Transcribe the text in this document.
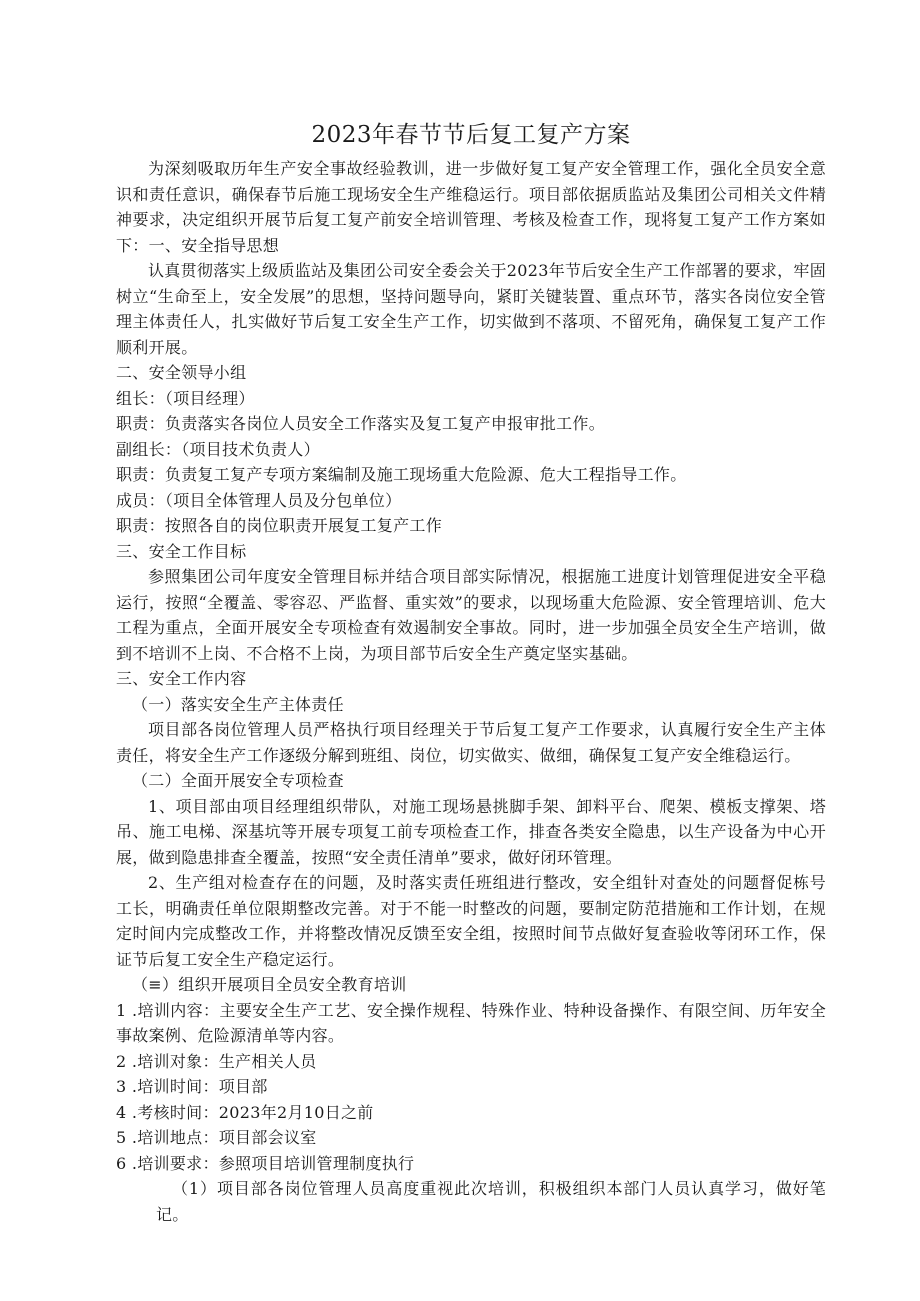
2023年春节节后复工复产方案

为深刻吸取历年生产安全事故经验教训，进一步做好复工复产安全管理工作，强化全员安全意识和责任意识，确保春节后施工现场安全生产维稳运行。项目部依据质监站及集团公司相关文件精神要求，决定组织开展节后复工复产前安全培训管理、考核及检查工作，现将复工复产工作方案如下：一、安全指导思想

认真贯彻落实上级质监站及集团公司安全委会关于2023年节后安全生产工作部署的要求，牢固树立“生命至上，安全发展”的思想，坚持问题导向，紧盯关键装置、重点环节，落实各岗位安全管理主体责任人，扎实做好节后复工安全生产工作，切实做到不落项、不留死角，确保复工复产工作顺利开展。

二、安全领导小组

组长：（项目经理）

职责：负责落实各岗位人员安全工作落实及复工复产申报审批工作。

副组长：（项目技术负责人）

职责：负责复工复产专项方案编制及施工现场重大危险源、危大工程指导工作。

成员：（项目全体管理人员及分包单位）

职责：按照各自的岗位职责开展复工复产工作

三、安全工作目标

参照集团公司年度安全管理目标并结合项目部实际情况，根据施工进度计划管理促进安全平稳运行，按照“全覆盖、零容忍、严监督、重实效”的要求，以现场重大危险源、安全管理培训、危大工程为重点，全面开展安全专项检查有效遏制安全事故。同时，进一步加强全员安全生产培训，做到不培训不上岗、不合格不上岗，为项目部节后安全生产奠定坚实基础。

三、安全工作内容

（一）落实安全生产主体责任

项目部各岗位管理人员严格执行项目经理关于节后复工复产工作要求，认真履行安全生产主体责任，将安全生产工作逐级分解到班组、岗位，切实做实、做细，确保复工复产安全维稳运行。

（二）全面开展安全专项检查

1、项目部由项目经理组织带队，对施工现场悬挑脚手架、卸料平台、爬架、模板支撑架、塔吊、施工电梯、深基坑等开展专项复工前专项检查工作，排查各类安全隐患，以生产设备为中心开展，做到隐患排查全覆盖，按照“安全责任清单”要求，做好闭环管理。

2、生产组对检查存在的问题，及时落实责任班组进行整改，安全组针对查处的问题督促栋号工长，明确责任单位限期整改完善。对于不能一时整改的问题，要制定防范措施和工作计划，在规定时间内完成整改工作，并将整改情况反馈至安全组，按照时间节点做好复查验收等闭环工作，保证节后复工安全生产稳定运行。

（≡）组织开展项目全员安全教育培训

1 .培训内容：主要安全生产工艺、安全操作规程、特殊作业、特种设备操作、有限空间、历年安全事故案例、危险源清单等内容。

2 .培训对象：生产相关人员

3 .培训时间：项目部

4 .考核时间：2023年2月10日之前

5 .培训地点：项目部会议室

6 .培训要求：参照项目培训管理制度执行

（1）项目部各岗位管理人员高度重视此次培训，积极组织本部门人员认真学习，做好笔记。
